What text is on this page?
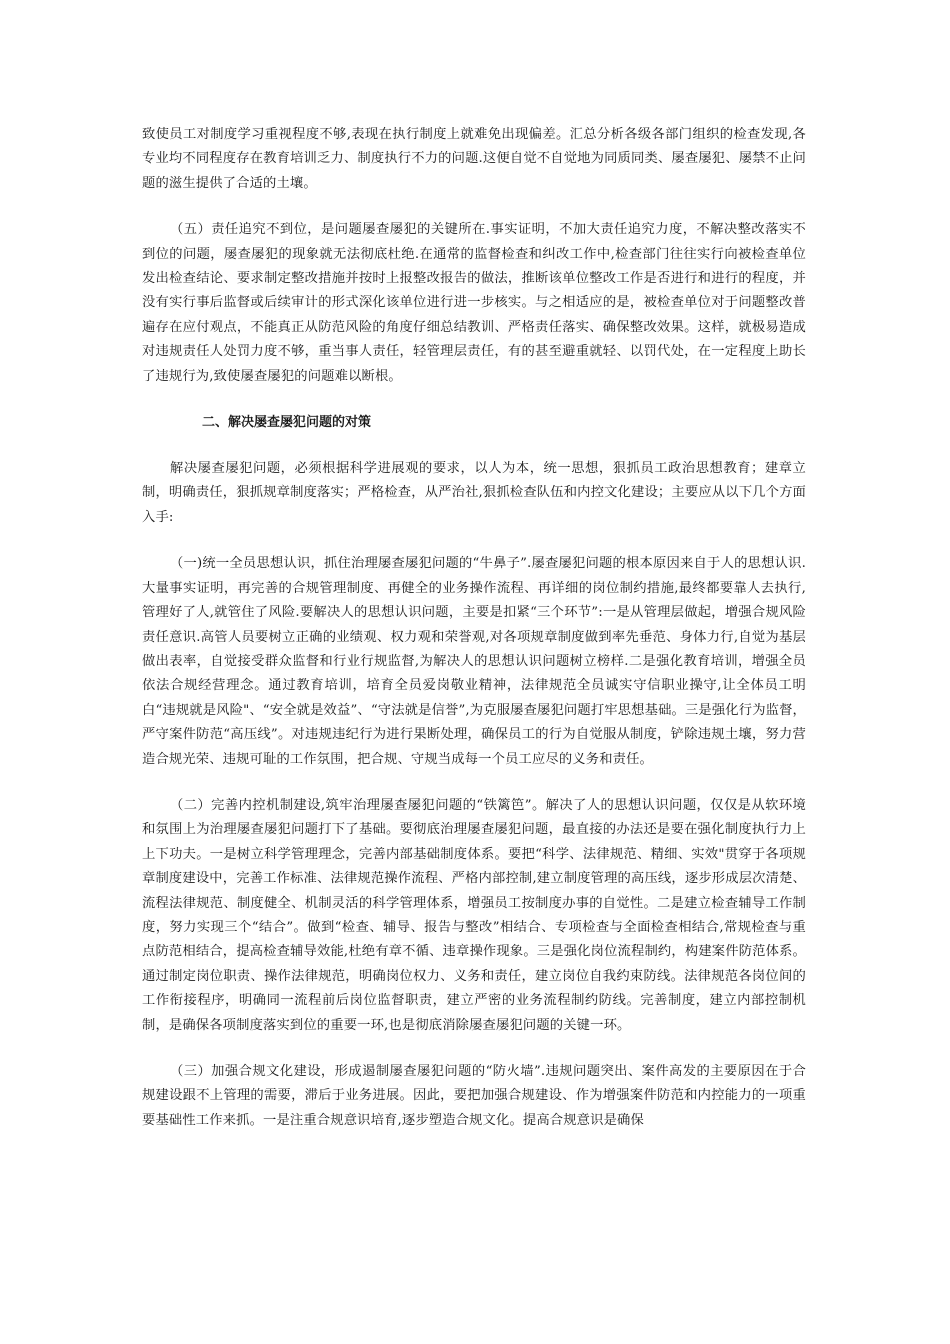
致使员工对制度学习重视程度不够,表现在执行制度上就难免出现偏差。汇总分析各级各部门组织的检查发现,各专业均不同程度存在教育培训乏力、制度执行不力的问题.这便自觉不自觉地为同质同类、屡查屡犯、屡禁不止问题的滋生提供了合适的土壤。

（五）责任追究不到位，是问题屡查屡犯的关键所在.事实证明，不加大责任追究力度，不解决整改落实不到位的问题，屡查屡犯的现象就无法彻底杜绝.在通常的监督检查和纠改工作中,检查部门往往实行向被检查单位发出检查结论、要求制定整改措施并按时上报整改报告的做法，推断该单位整改工作是否进行和进行的程度，并没有实行事后监督或后续审计的形式深化该单位进行进一步核实。与之相适应的是，被检查单位对于问题整改普遍存在应付观点，不能真正从防范风险的角度仔细总结教训、严格责任落实、确保整改效果。这样，就极易造成对违规责任人处罚力度不够，重当事人责任，轻管理层责任，有的甚至避重就轻、以罚代处，在一定程度上助长了违规行为,致使屡查屡犯的问题难以断根。

二、解决屡查屡犯问题的对策

解决屡查屡犯问题，必须根据科学进展观的要求，以人为本，统一思想，狠抓员工政治思想教育；建章立制，明确责任，狠抓规章制度落实；严格检查，从严治社,狠抓检查队伍和内控文化建设；主要应从以下几个方面入手:

（一)统一全员思想认识，抓住治理屡查屡犯问题的“牛鼻子”.屡查屡犯问题的根本原因来自于人的思想认识.大量事实证明，再完善的合规管理制度、再健全的业务操作流程、再详细的岗位制约措施,最终都要靠人去执行,管理好了人,就管住了风险.要解决人的思想认识问题，主要是扣紧“三个环节”:一是从管理层做起，增强合规风险责任意识.高管人员要树立正确的业绩观、权力观和荣誉观,对各项规章制度做到率先垂范、身体力行,自觉为基层做出表率，自觉接受群众监督和行业行规监督,为解决人的思想认识问题树立榜样.二是强化教育培训，增强全员依法合规经营理念。通过教育培训，培育全员爱岗敬业精神，法律规范全员诚实守信职业操守,让全体员工明白“违规就是风险"、“安全就是效益”、“守法就是信誉”,为克服屡查屡犯问题打牢思想基础。三是强化行为监督，严守案件防范“高压线”。对违规违纪行为进行果断处理，确保员工的行为自觉服从制度，铲除违规土壤，努力营造合规光荣、违规可耻的工作氛围，把合规、守规当成每一个员工应尽的义务和责任。

（二）完善内控机制建设,筑牢治理屡查屡犯问题的“铁篱笆”。解决了人的思想认识问题，仅仅是从软环境和氛围上为治理屡查屡犯问题打下了基础。要彻底治理屡查屡犯问题，最直接的办法还是要在强化制度执行力上上下功夫。一是树立科学管理理念，完善内部基础制度体系。要把“科学、法律规范、精细、实效"贯穿于各项规章制度建设中，完善工作标准、法律规范操作流程、严格内部控制,建立制度管理的高压线，逐步形成层次清楚、流程法律规范、制度健全、机制灵活的科学管理体系，增强员工按制度办事的自觉性。二是建立检查辅导工作制度，努力实现三个“结合”。做到“检查、辅导、报告与整改”相结合、专项检查与全面检查相结合,常规检查与重点防范相结合，提高检查辅导效能,杜绝有章不循、违章操作现象。三是强化岗位流程制约，构建案件防范体系。通过制定岗位职责、操作法律规范，明确岗位权力、义务和责任，建立岗位自我约束防线。法律规范各岗位间的工作衔接程序，明确同一流程前后岗位监督职责，建立严密的业务流程制约防线。完善制度，建立内部控制机制，是确保各项制度落实到位的重要一环,也是彻底消除屡查屡犯问题的关键一环。

（三）加强合规文化建设，形成遏制屡查屡犯问题的“防火墙”.违规问题突出、案件高发的主要原因在于合规建设跟不上管理的需要，滞后于业务进展。因此，要把加强合规建设、作为增强案件防范和内控能力的一项重要基础性工作来抓。一是注重合规意识培育,逐步塑造合规文化。提高合规意识是确保
